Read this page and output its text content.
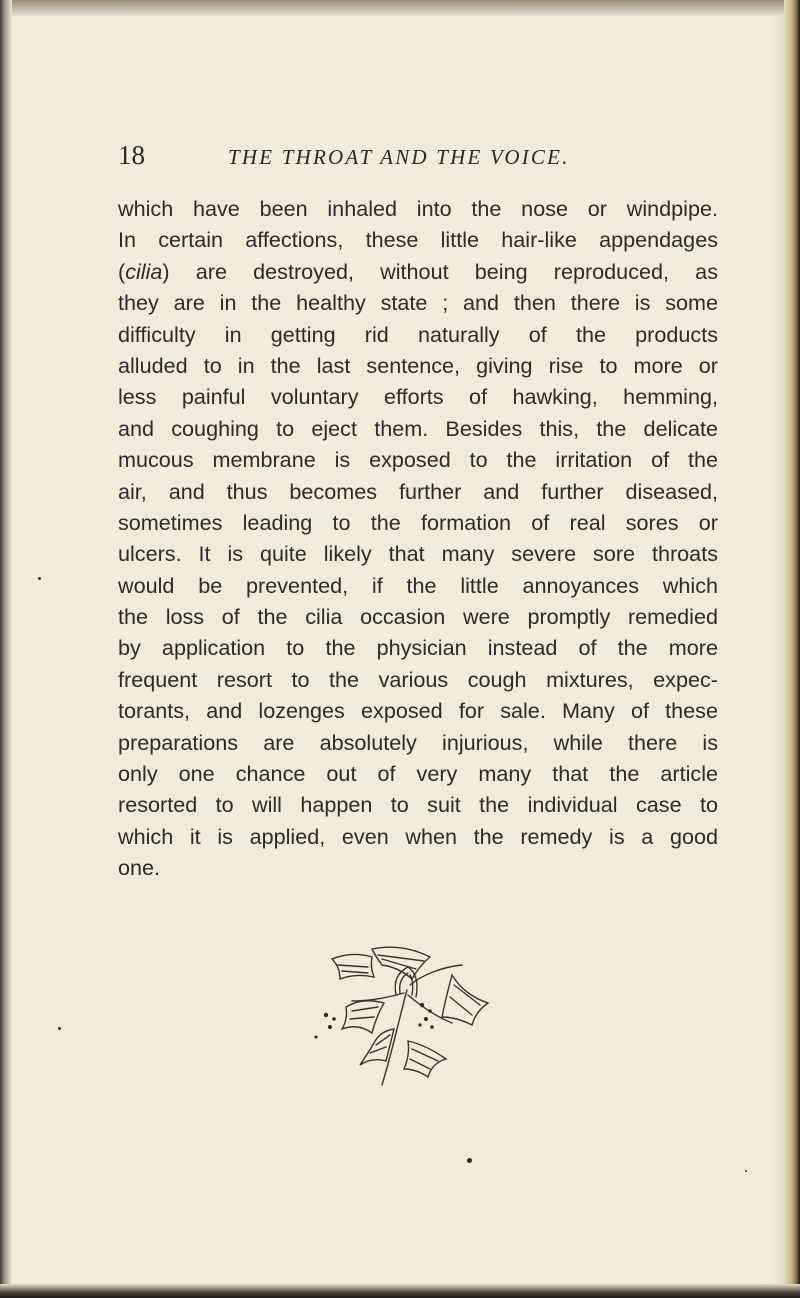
18	THE THROAT AND THE VOICE.
which have been inhaled into the nose or windpipe.
In certain affections, these little hair-like appendages
(cilia) are destroyed, without being reproduced, as
they are in the healthy state ; and then there is some
difficulty in getting rid naturally of the products
alluded to in the last sentence, giving rise to more or
less painful voluntary efforts of hawking, hemming,
and coughing to eject them. Besides this, the delicate
mucous membrane is exposed to the irritation of the
air, and thus becomes further and further diseased,
sometimes leading to the formation of real sores or
ulcers. It is quite likely that many severe sore throats
would be prevented, if the little annoyances which
the loss of the cilia occasion were promptly remedied
by application to the physician instead of the more
frequent resort to the various cough mixtures, expec-
torants, and lozenges exposed for sale. Many of these
preparations are absolutely injurious, while there is
only one chance out of very many that the article
resorted to will happen to suit the individual case to
which it is applied, even when the remedy is a good
one.
